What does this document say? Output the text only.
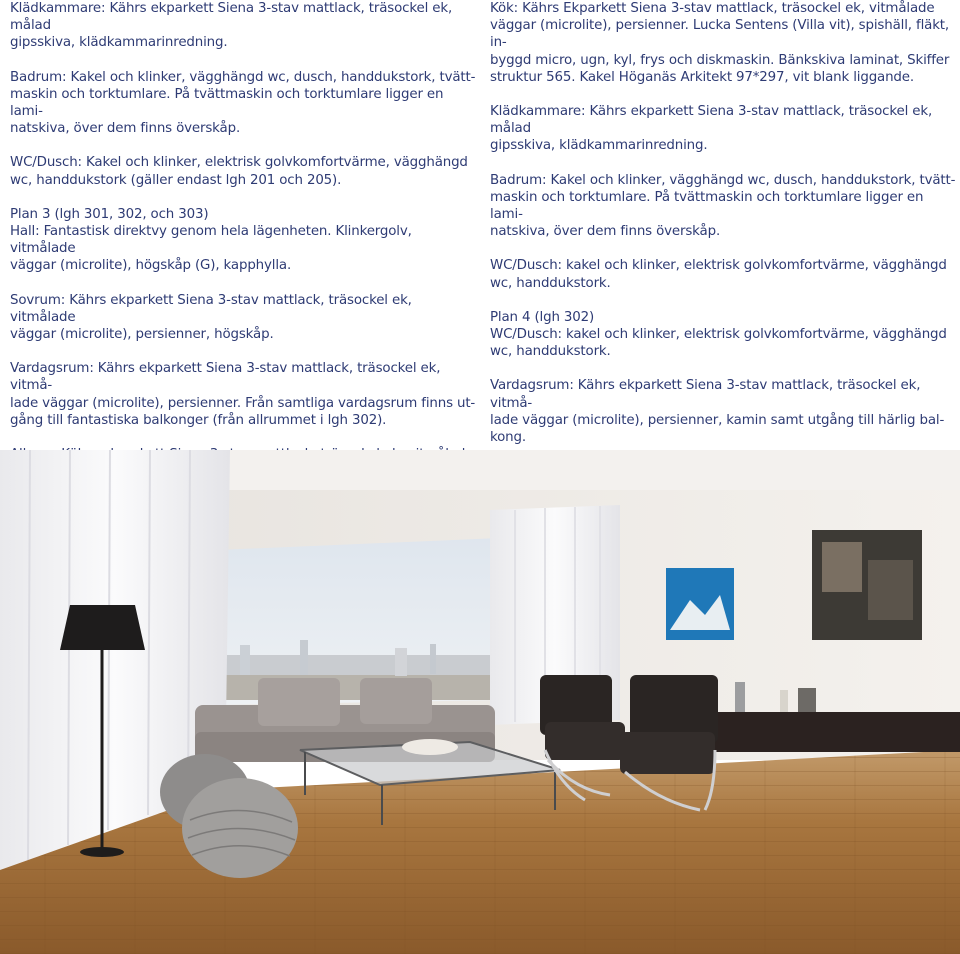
Klädkammare: Kährs ekparkett Siena 3-stav mattlack, träsockel ek, målad
gipsskiva, klädkammarinredning.

Badrum: Kakel och klinker, vägghängd wc, dusch, handdukstork, tvätt-
maskin och torktumlare. På tvättmaskin och torktumlare ligger en lami-
natskiva, över dem finns överskåp.

WC/Dusch: Kakel och klinker, elektrisk golvkomfortvärme, vägghängd
wc, handdukstork (gäller endast lgh 201 och 205).

Plan 3 (lgh 301, 302, och 303)

Hall: Fantastisk direktvy genom hela lägenheten. Klinkergolv, vitmålade
väggar (microlite), högskåp (G), kapphylla.

Sovrum: Kährs ekparkett Siena 3-stav mattlack, träsockel ek, vitmålade
väggar (microlite), persienner, högskåp.

Vardagsrum: Kährs ekparkett Siena 3-stav mattlack, träsockel ek, vitmå-
lade väggar (microlite), persienner. Från samtliga vardagsrum finns ut-
gång till fantastiska balkonger (från allrummet i lgh 302).

Kök: Kährs Ekparkett Siena 3-stav mattlack, träsockel ek, vitmålade
väggar (microlite), persienner. Lucka Sentens (Villa vit), spishäll, fläkt, in-
byggd micro, ugn, kyl, frys och diskmaskin. Bänkskiva laminat, Skiffer
struktur 565. Kakel Höganäs Arkitekt 97*297, vit blank liggande.

Klädkammare: Kährs ekparkett Siena 3-stav mattlack, träsockel ek, målad
gipsskiva, klädkammarinredning.

Badrum: Kakel och klinker, vägghängd wc, dusch, handdukstork, tvätt-
maskin och torktumlare. På tvättmaskin och torktumlare ligger en lami-
natskiva, över dem finns överskåp.

WC/Dusch: kakel och klinker, elektrisk golvkomfortvärme, vägghängd
wc, handdukstork.

Plan 4 (lgh 302)

WC/Dusch: kakel och klinker, elektrisk golvkomfortvärme, vägghängd
wc, handdukstork.

Vardagsrum: Kährs ekparkett Siena 3-stav mattlack, träsockel ek, vitmå-
lade väggar (microlite), persienner, kamin samt utgång till härlig bal-
kong.
